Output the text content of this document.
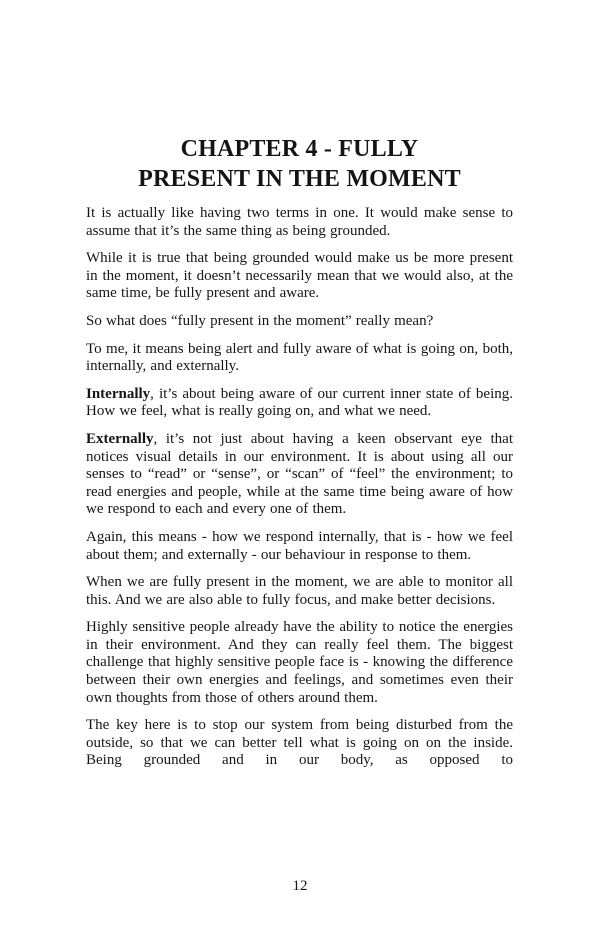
CHAPTER 4 - FULLY
PRESENT IN THE MOMENT

It is actually like having two terms in one. It would make sense to assume that it’s the same thing as being grounded.

While it is true that being grounded would make us be more present in the moment, it doesn’t necessarily mean that we would also, at the same time, be fully present and aware.

So what does “fully present in the moment” really mean?

To me, it means being alert and fully aware of what is going on, both, internally, and externally.

Internally, it’s about being aware of our current inner state of being. How we feel, what is really going on, and what we need.

Externally, it’s not just about having a keen observant eye that notices visual details in our environment. It is about using all our senses to “read” or “sense”, or “scan” of “feel” the environment; to read energies and people, while at the same time being aware of how we respond to each and every one of them.

Again, this means - how we respond internally, that is - how we feel about them; and externally - our behaviour in response to them.

When we are fully present in the moment, we are able to monitor all this. And we are also able to fully focus, and make better decisions.

Highly sensitive people already have the ability to notice the energies in their environment. And they can really feel them. The biggest challenge that highly sensitive people face is - knowing the difference between their own energies and feelings, and sometimes even their own thoughts from those of others around them.

The key here is to stop our system from being disturbed from the outside, so that we can better tell what is going on on the inside. Being grounded and in our body, as opposed to

12
